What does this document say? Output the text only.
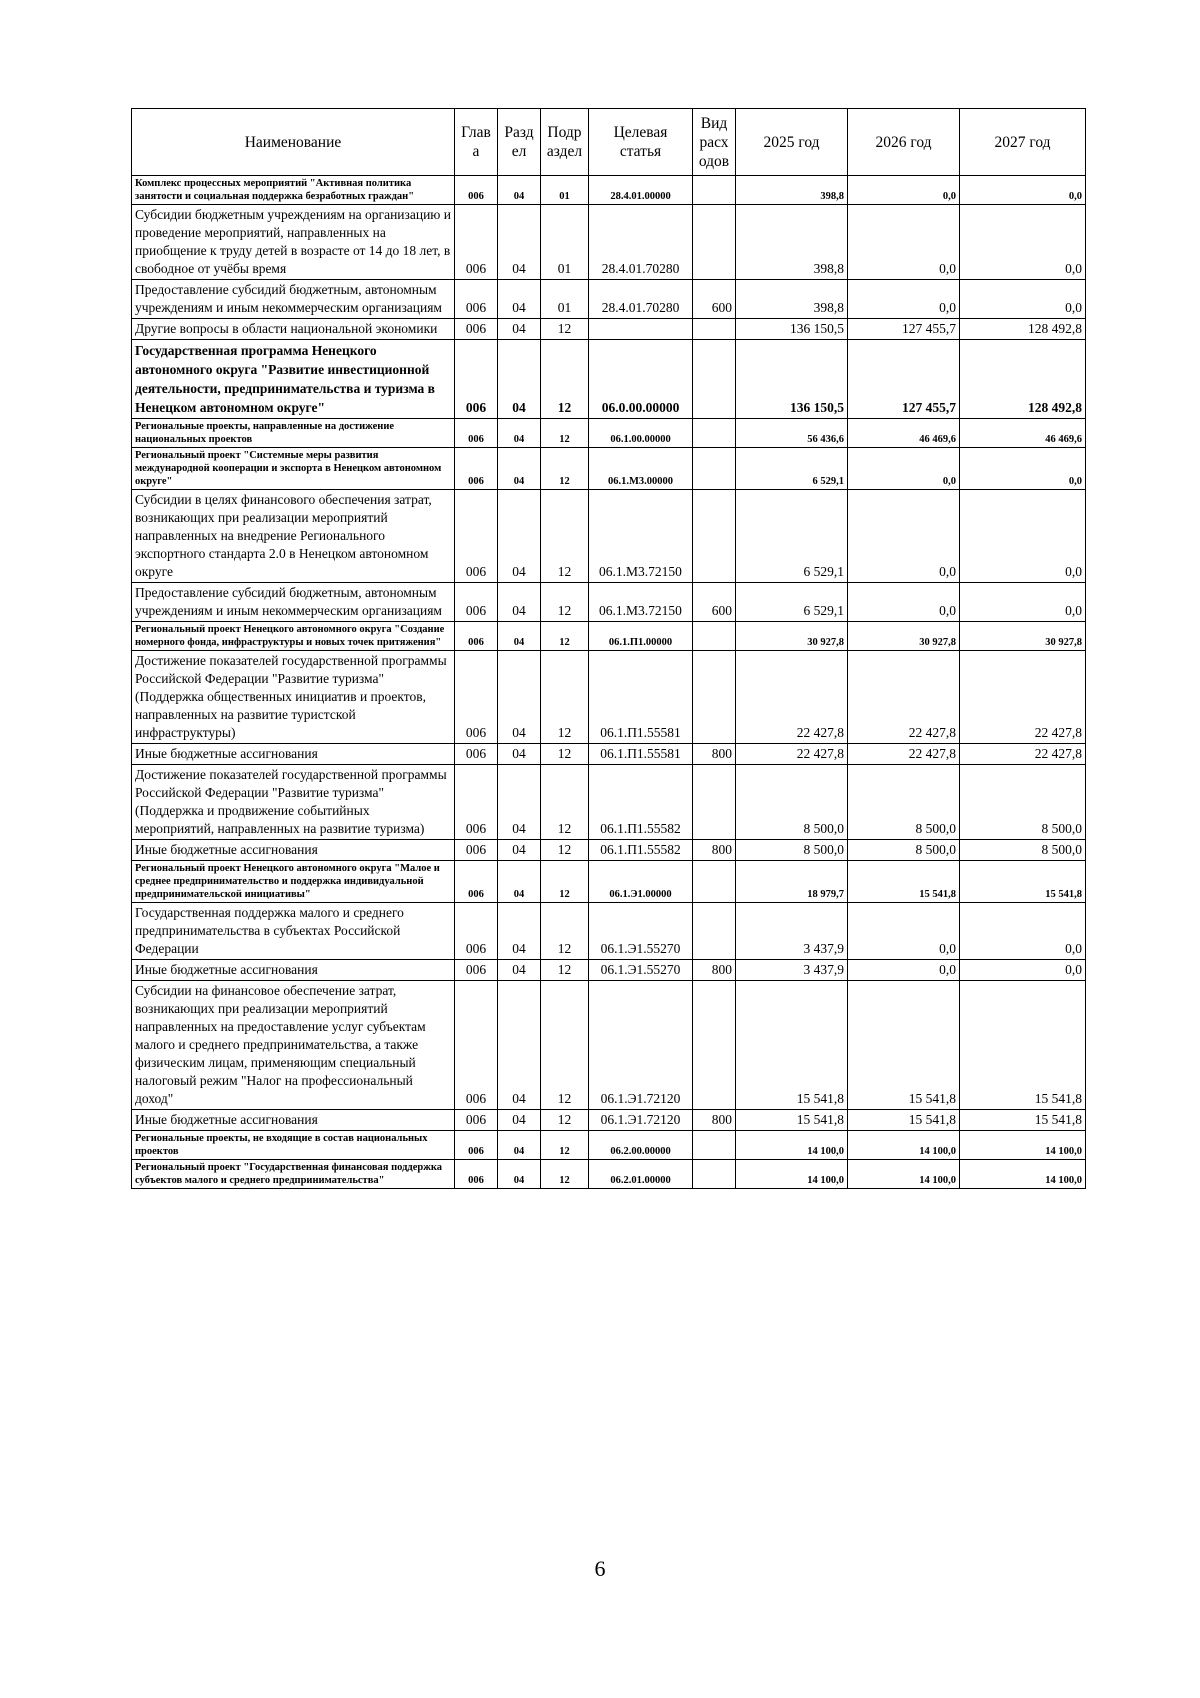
Наименование	Глав а	Разд ел	Подр аздел	Целевая статья	Вид расх одов	2025 год	2026 год	2027 год
Комплекс процессных мероприятий "Активная политика занятости и социальная поддержка безработных граждан"	006	04	01	28.4.01.00000		398,8	0,0	0,0
Субсидии бюджетным учреждениям на организацию и проведение мероприятий, направленных на приобщение к труду детей в возрасте от 14 до 18 лет, в свободное от учёбы время	006	04	01	28.4.01.70280		398,8	0,0	0,0
Предоставление субсидий бюджетным, автономным учреждениям и иным некоммерческим организациям	006	04	01	28.4.01.70280	600	398,8	0,0	0,0
Другие вопросы в области национальной экономики	006	04	12			136 150,5	127 455,7	128 492,8
Государственная программа Ненецкого автономного округа "Развитие инвестиционной деятельности, предпринимательства и туризма в Ненецком автономном округе"	006	04	12	06.0.00.00000		136 150,5	127 455,7	128 492,8
Региональные проекты, направленные на достижение национальных проектов	006	04	12	06.1.00.00000		56 436,6	46 469,6	46 469,6
Региональный проект "Системные меры развития международной кооперации и экспорта в Ненецком автономном округе"	006	04	12	06.1.М3.00000		6 529,1	0,0	0,0
Субсидии в целях финансового обеспечения затрат, возникающих при реализации мероприятий направленных на внедрение Регионального экспортного стандарта 2.0 в Ненецком автономном округе	006	04	12	06.1.М3.72150		6 529,1	0,0	0,0
Предоставление субсидий бюджетным, автономным учреждениям и иным некоммерческим организациям	006	04	12	06.1.М3.72150	600	6 529,1	0,0	0,0
Региональный проект Ненецкого автономного округа "Создание номерного фонда, инфраструктуры и новых точек притяжения"	006	04	12	06.1.П1.00000		30 927,8	30 927,8	30 927,8
Достижение показателей государственной программы Российской Федерации "Развитие туризма" (Поддержка общественных инициатив и проектов, направленных на развитие туристской инфраструктуры)	006	04	12	06.1.П1.55581		22 427,8	22 427,8	22 427,8
Иные бюджетные ассигнования	006	04	12	06.1.П1.55581	800	22 427,8	22 427,8	22 427,8
Достижение показателей государственной программы Российской Федерации "Развитие туризма" (Поддержка и продвижение событийных мероприятий, направленных на развитие туризма)	006	04	12	06.1.П1.55582		8 500,0	8 500,0	8 500,0
Иные бюджетные ассигнования	006	04	12	06.1.П1.55582	800	8 500,0	8 500,0	8 500,0
Региональный проект Ненецкого автономного округа "Малое и среднее предпринимательство и поддержка индивидуальной предпринимательской инициативы"	006	04	12	06.1.Э1.00000		18 979,7	15 541,8	15 541,8
Государственная поддержка малого и среднего предпринимательства в субъектах Российской Федерации	006	04	12	06.1.Э1.55270		3 437,9	0,0	0,0
Иные бюджетные ассигнования	006	04	12	06.1.Э1.55270	800	3 437,9	0,0	0,0
Субсидии на финансовое обеспечение затрат, возникающих при реализации мероприятий направленных на предоставление услуг субъектам малого и среднего предпринимательства, а также физическим лицам, применяющим специальный налоговый режим "Налог на профессиональный доход"	006	04	12	06.1.Э1.72120		15 541,8	15 541,8	15 541,8
Иные бюджетные ассигнования	006	04	12	06.1.Э1.72120	800	15 541,8	15 541,8	15 541,8
Региональные проекты, не входящие в состав национальных проектов	006	04	12	06.2.00.00000		14 100,0	14 100,0	14 100,0
Региональный проект "Государственная финансовая поддержка субъектов малого и среднего предпринимательства"	006	04	12	06.2.01.00000		14 100,0	14 100,0	14 100,0
6
